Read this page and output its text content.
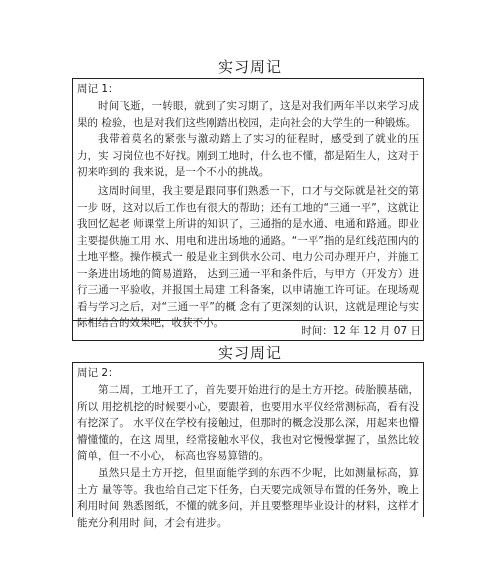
实习周记
周记 1：

时间飞逝，一转眼，就到了实习期了，这是对我们两年半以来学习成果的 检验，也是对我们这些刚踏出校园，走向社会的大学生的一种锻炼。

我带着莫名的紧张与激动踏上了实习的征程时，感受到了就业的压力，实 习岗位也不好找。刚到工地时，什么也不懂，都是陌生人，这对于初来咋到的 我来说，是一个不小的挑战。

这周时间里，我主要是跟同事们熟悉一下，口才与交际就是社交的第一步 呀，这对以后工作也有很大的帮助；还有工地的“三通一平”，这就让我回忆起老 师课堂上所讲的知识了，三通指的是水通、电通和路通。即业主要提供施工用 水、用电和进出场地的通路。“一平”指的是红线范围内的土地平整。操作模式一 般是业主到供水公司、电力公司办理开户，并施工一条进出场地的简易道路， 达到三通一平和条件后，与甲方（开发方）进行三通一平验收，并报国土局建 工科备案，以申请施工许可证。在现场观看与学习之后，对“三通一平”的概 念有了更深刻的认识，这就是理论与实际相结合的效果吧，收获不小。

时间：12 年 12 月 07 日
实习周记
周记 2：

第二周，工地开工了，首先要开始进行的是土方开挖。砖胎膜基础，所以 用挖机挖的时候要小心，要跟着，也要用水平仪经常测标高，看有没有挖深了。 水平仪在学校有接触过，但那时的概念没那么深，用起来也懵懵懂懂的，在这 周里，经常接触水平仪，我也对它慢慢掌握了，虽然比较简单，但一不小心， 标高也容易算错的。

虽然只是土方开挖，但里面能学到的东西不少呢，比如测量标高，算土方 量等等。我也给自己定下任务，白天要完成领导布置的任务外，晚上利用时间 熟悉图纸，不懂的就多问，并且要整理毕业设计的材料，这样才能充分利用时 间，才会有进步。
